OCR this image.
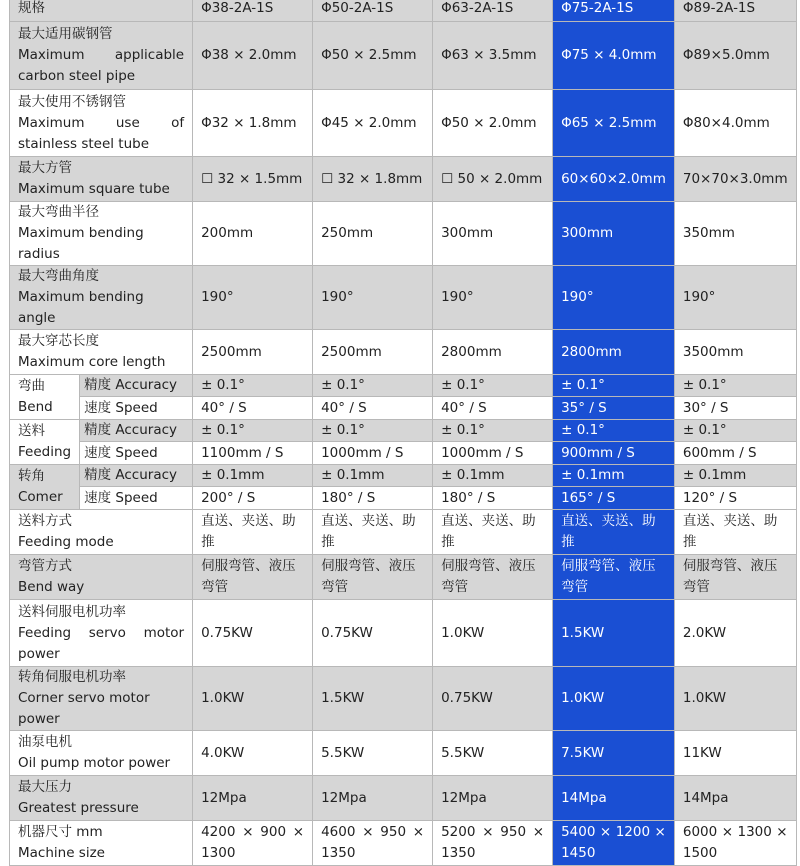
规格		Φ38-2A-1S	Φ50-2A-1S	Φ63-2A-1S	Φ75-2A-1S	Φ89-2A-1S

最大适用碳钢管
Maximum applicable carbon steel pipe		Φ38 × 2.0mm	Φ50 × 2.5mm	Φ63 × 3.5mm	Φ75 × 4.0mm	Φ89×5.0mm

最大使用不锈钢管
Maximum use of stainless steel tube		Φ32 × 1.8mm	Φ45 × 2.0mm	Φ50 × 2.0mm	Φ65 × 2.5mm	Φ80×4.0mm

最大方管
Maximum square tube		☐ 32 × 1.5mm	☐ 32 × 1.8mm	☐ 50 × 2.0mm	60×60×2.0mm	70×70×3.0mm

最大弯曲半径
Maximum bending radius		200mm	250mm	300mm	300mm	350mm

最大弯曲角度
Maximum bending angle		190°	190°	190°	190°	190°

最大穿芯长度
Maximum core length		2500mm	2500mm	2800mm	2800mm	3500mm

弯曲
Bend	精度 Accuracy	± 0.1°	± 0.1°	± 0.1°	± 0.1°	± 0.1°
	速度 Speed	40° / S	40° / S	40° / S	35° / S	30° / S

送料
Feeding	精度 Accuracy	± 0.1°	± 0.1°	± 0.1°	± 0.1°	± 0.1°
	速度 Speed	1100mm / S	1000mm / S	1000mm / S	900mm / S	600mm / S

转角
Comer	精度 Accuracy	± 0.1mm	± 0.1mm	± 0.1mm	± 0.1mm	± 0.1mm
	速度 Speed	200° / S	180° / S	180° / S	165° / S	120° / S

送料方式
Feeding mode		直送、夹送、助推	直送、夹送、助推	直送、夹送、助推	直送、夹送、助推	直送、夹送、助推

弯管方式
Bend way		伺服弯管、液压弯管	伺服弯管、液压弯管	伺服弯管、液压弯管	伺服弯管、液压弯管	伺服弯管、液压弯管

送料伺服电机功率
Feeding servo motor power		0.75KW	0.75KW	1.0KW	1.5KW	2.0KW

转角伺服电机功率
Corner servo motor power		1.0KW	1.5KW	0.75KW	1.0KW	1.0KW

油泵电机
Oil pump motor power		4.0KW	5.5KW	5.5KW	7.5KW	11KW

最大压力
Greatest pressure		12Mpa	12Mpa	12Mpa	14Mpa	14Mpa

机器尺寸 mm
Machine size		4200 × 900 × 1300	4600 × 950 × 1350	5200 × 950 × 1350	5400 × 1200 × 1450	6000 × 1300 × 1500
